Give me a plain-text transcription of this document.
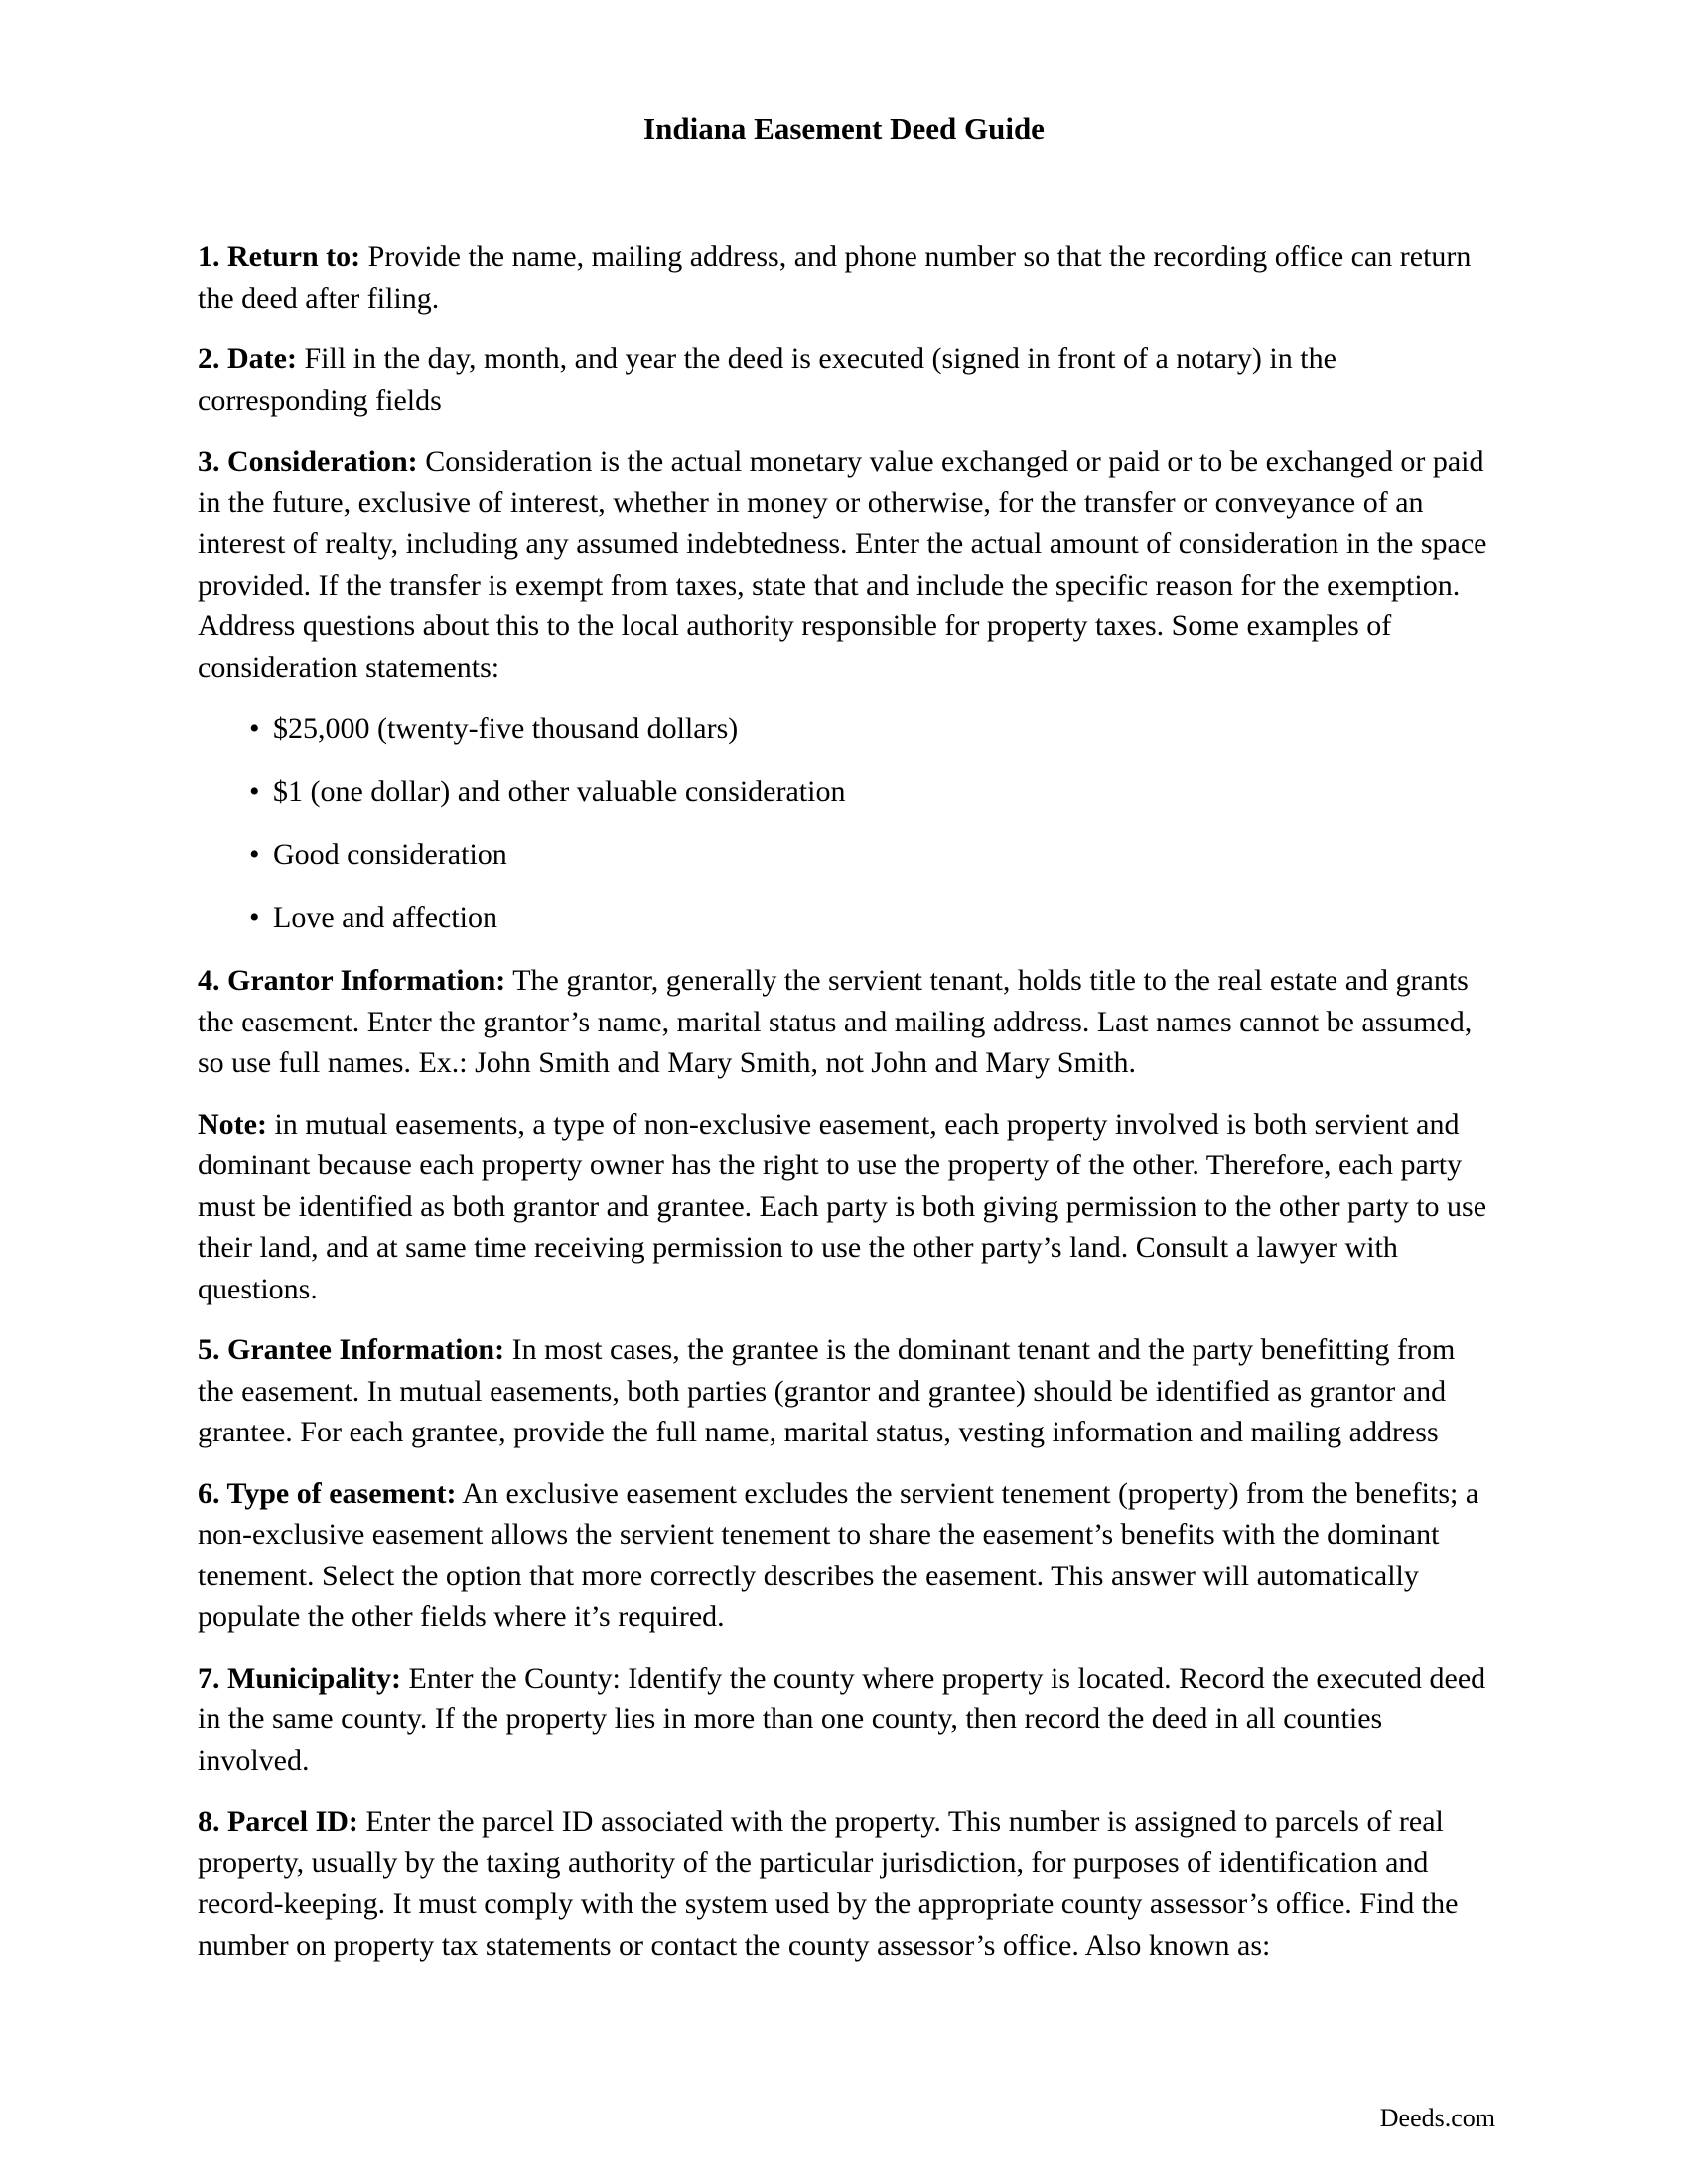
Indiana Easement Deed Guide

1. Return to: Provide the name, mailing address, and phone number so that the recording office can return the deed after filing.

2. Date: Fill in the day, month, and year the deed is executed (signed in front of a notary) in the corresponding fields

3. Consideration: Consideration is the actual monetary value exchanged or paid or to be exchanged or paid in the future, exclusive of interest, whether in money or otherwise, for the transfer or conveyance of an interest of realty, including any assumed indebtedness. Enter the actual amount of consideration in the space provided. If the transfer is exempt from taxes, state that and include the specific reason for the exemption. Address questions about this to the local authority responsible for property taxes. Some examples of consideration statements:

• $25,000 (twenty-five thousand dollars)
• $1 (one dollar) and other valuable consideration
• Good consideration
• Love and affection

4. Grantor Information: The grantor, generally the servient tenant, holds title to the real estate and grants the easement. Enter the grantor’s name, marital status and mailing address. Last names cannot be assumed, so use full names. Ex.: John Smith and Mary Smith, not John and Mary Smith.

Note: in mutual easements, a type of non-exclusive easement, each property involved is both servient and dominant because each property owner has the right to use the property of the other. Therefore, each party must be identified as both grantor and grantee. Each party is both giving permission to the other party to use their land, and at same time receiving permission to use the other party’s land. Consult a lawyer with questions.

5. Grantee Information: In most cases, the grantee is the dominant tenant and the party benefitting from the easement. In mutual easements, both parties (grantor and grantee) should be identified as grantor and grantee. For each grantee, provide the full name, marital status, vesting information and mailing address

6. Type of easement: An exclusive easement excludes the servient tenement (property) from the benefits; a non-exclusive easement allows the servient tenement to share the easement’s benefits with the dominant tenement. Select the option that more correctly describes the easement. This answer will automatically populate the other fields where it’s required.

7. Municipality: Enter the County: Identify the county where property is located. Record the executed deed in the same county. If the property lies in more than one county, then record the deed in all counties involved.

8. Parcel ID: Enter the parcel ID associated with the property. This number is assigned to parcels of real property, usually by the taxing authority of the particular jurisdiction, for purposes of identification and record-keeping. It must comply with the system used by the appropriate county assessor’s office. Find the number on property tax statements or contact the county assessor’s office. Also known as:

Deeds.com
